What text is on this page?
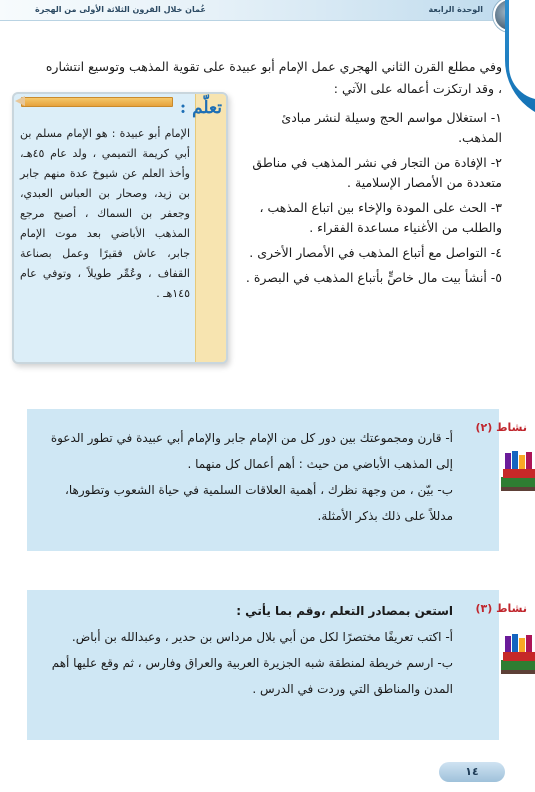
الوحدة الرابعة
عُمان خلال القرون الثلاثة الأولى من الهجرة
وفي مطلع القرن الثاني الهجري عمل الإمام أبو عبيدة على تقوية المذهب وتوسيع انتشاره ، وقد ارتكزت أعماله على الآتي :

١- استغلال مواسم الحج وسيلة لنشر مبادئ المذهب.

٢- الإفادة من التجار في نشر المذهب في مناطق متعددة من الأمصار الإسلامية .

٣- الحث على المودة والإخاء بين اتباع المذهب ، والطلب من الأغنياء مساعدة الفقراء .

٤- التواصل مع أتباع المذهب في الأمصار الأخرى .

٥- أنشأ بيت مال خاصٍّ بأتباع المذهب في البصرة .

تعلّم :
الإمام أبو عبيدة : هو الإمام مسلم بن أبي كريمة التميمي ، ولد عام ٤٥هـ، وأخذ العلم عن شيوخ عدة منهم جابر بن زيد، وصحار بن العباس العبدي، وجعفر بن السماك ، أصبح مرجع المذهب الأباضي بعد موت الإمام جابر، عاش فقيرًا وعمل بصناعة القفاف ، وعُمِّر طويلاً ، وتوفي عام ١٤٥هـ .
نشاط (٢)

أ- قارن ومجموعتك بين دور كل من الإمام جابر والإمام أبي عبيدة في تطور الدعوة إلى المذهب الأباضي من حيث : أهم أعمال كل منهما .

ب- بيّن ، من وجهة نظرك ، أهمية العلاقات السلمية في حياة الشعوب وتطورها، مدللاً على ذلك بذكر الأمثلة.

نشاط (٣)

استعن بمصادر التعلم ،وقم بما يأتي :

أ- اكتب تعريفًا مختصرًا لكل من أبي بلال مرداس بن حدير ، وعبدالله بن أباض.

ب- ارسم خريطة لمنطقة شبه الجزيرة العربية والعراق وفارس ، ثم وقع عليها أهم المدن والمناطق التي وردت في الدرس .

١٤
